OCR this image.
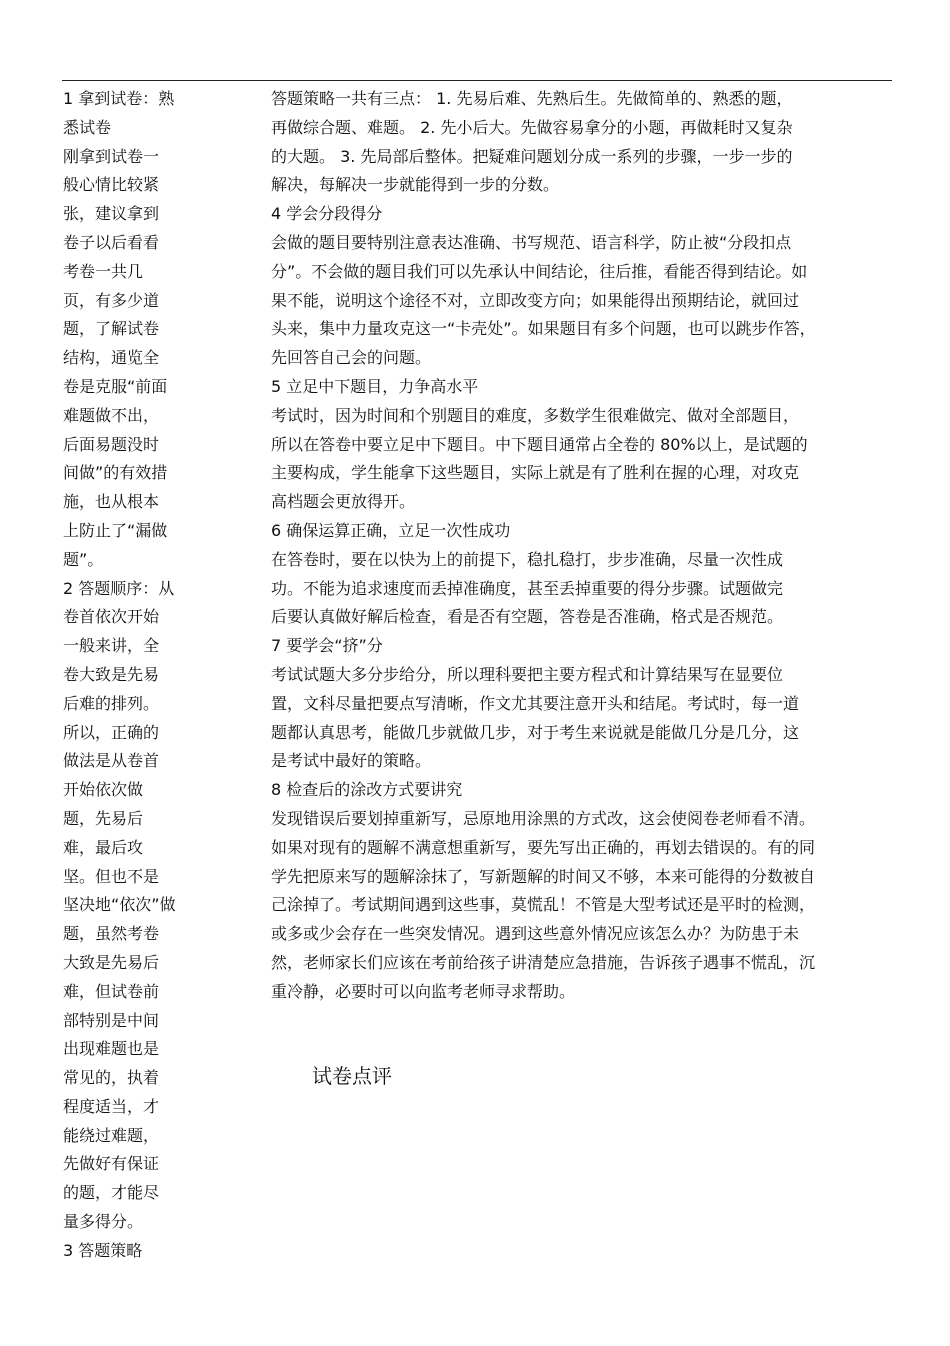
1 拿到试卷：熟
悉试卷
刚拿到试卷一
般心情比较紧
张，建议拿到
卷子以后看看
考卷一共几
页，有多少道
题，了解试卷
结构，通览全
卷是克服“前面
难题做不出，
后面易题没时
间做”的有效措
施，也从根本
上防止了“漏做
题”。
2 答题顺序：从
卷首依次开始
一般来讲，全
卷大致是先易
后难的排列。
所以，正确的
做法是从卷首
开始依次做
题，先易后
难，最后攻
坚。但也不是
坚决地“依次”做
题，虽然考卷
大致是先易后
难，但试卷前
部特别是中间
出现难题也是
常见的，执着
程度适当，才
能绕过难题，
先做好有保证
的题，才能尽
量多得分。
3 答题策略
答题策略一共有三点： 1. 先易后难、先熟后生。先做简单的、熟悉的题，
再做综合题、难题。 2. 先小后大。先做容易拿分的小题，再做耗时又复杂
的大题。 3. 先局部后整体。把疑难问题划分成一系列的步骤，一步一步的
解决，每解决一步就能得到一步的分数。
4 学会分段得分
会做的题目要特别注意表达准确、书写规范、语言科学，防止被“分段扣点
分”。不会做的题目我们可以先承认中间结论，往后推，看能否得到结论。如
果不能，说明这个途径不对，立即改变方向；如果能得出预期结论，就回过
头来，集中力量攻克这一“卡壳处”。如果题目有多个问题，也可以跳步作答，
先回答自己会的问题。
5 立足中下题目，力争高水平
考试时，因为时间和个别题目的难度，多数学生很难做完、做对全部题目，
所以在答卷中要立足中下题目。中下题目通常占全卷的 80%以上，是试题的
主要构成，学生能拿下这些题目，实际上就是有了胜利在握的心理，对攻克
高档题会更放得开。
6 确保运算正确，立足一次性成功
在答卷时，要在以快为上的前提下，稳扎稳打，步步准确，尽量一次性成
功。不能为追求速度而丢掉准确度，甚至丢掉重要的得分步骤。试题做完
后要认真做好解后检查，看是否有空题，答卷是否准确，格式是否规范。
7 要学会“挤”分
考试试题大多分步给分，所以理科要把主要方程式和计算结果写在显要位
置，文科尽量把要点写清晰，作文尤其要注意开头和结尾。考试时，每一道
题都认真思考，能做几步就做几步，对于考生来说就是能做几分是几分，这
是考试中最好的策略。
8 检查后的涂改方式要讲究
发现错误后要划掉重新写，忌原地用涂黑的方式改，这会使阅卷老师看不清。
如果对现有的题解不满意想重新写，要先写出正确的，再划去错误的。有的同
学先把原来写的题解涂抹了，写新题解的时间又不够，本来可能得的分数被自
己涂掉了。考试期间遇到这些事，莫慌乱！不管是大型考试还是平时的检测，
或多或少会存在一些突发情况。遇到这些意外情况应该怎么办？为防患于未
然，老师家长们应该在考前给孩子讲清楚应急措施，告诉孩子遇事不慌乱，沉
重冷静，必要时可以向监考老师寻求帮助。
试卷点评
